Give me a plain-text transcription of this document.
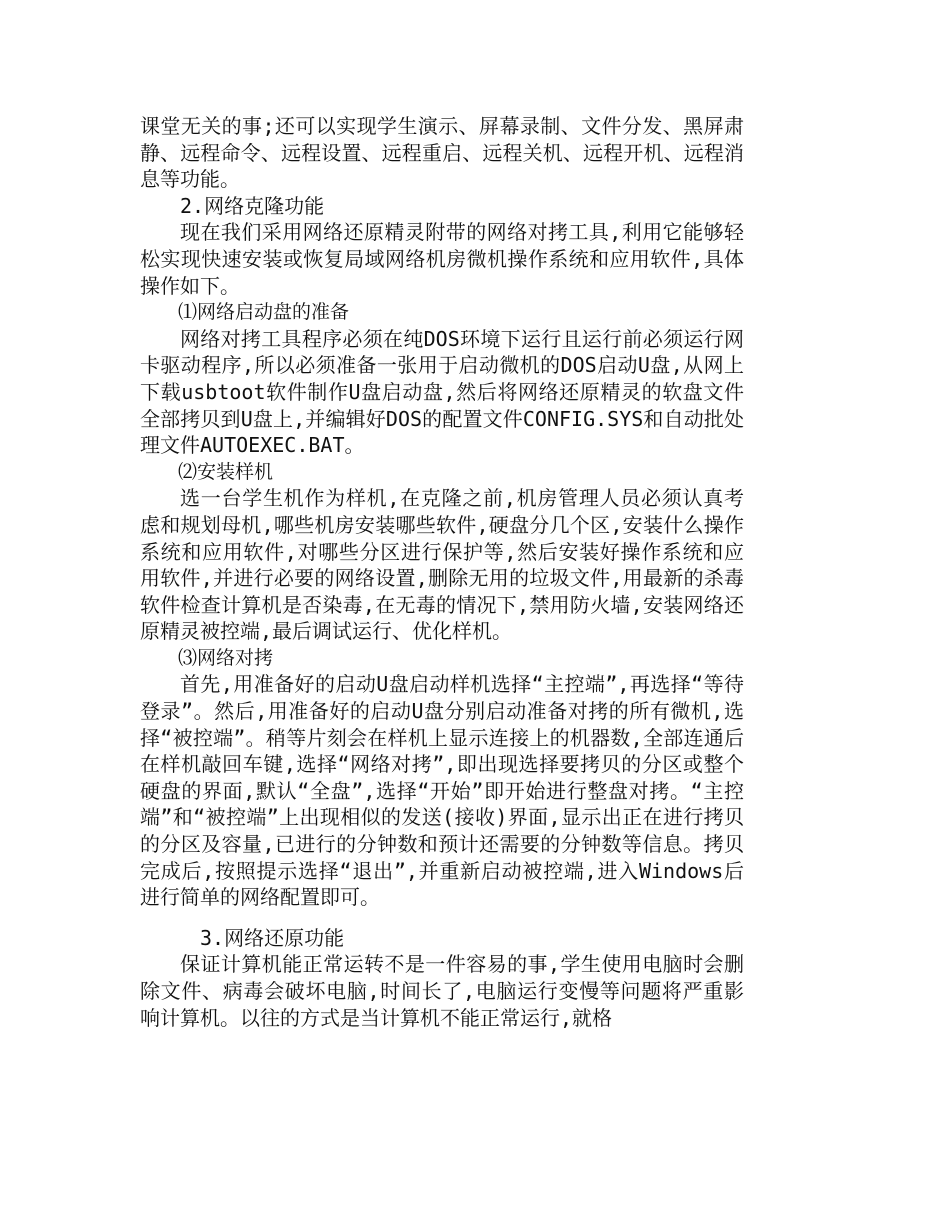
课堂无关的事;还可以实现学生演示、屏幕录制、文件分发、黑屏肃静、远程命令、远程设置、远程重启、远程关机、远程开机、远程消息等功能。

2.网络克隆功能

现在我们采用网络还原精灵附带的网络对拷工具,利用它能够轻松实现快速安装或恢复局域网络机房微机操作系统和应用软件,具体操作如下。

⑴网络启动盘的准备

网络对拷工具程序必须在纯DOS环境下运行且运行前必须运行网卡驱动程序,所以必须准备一张用于启动微机的DOS启动U盘,从网上下载usbtoot软件制作U盘启动盘,然后将网络还原精灵的软盘文件全部拷贝到U盘上,并编辑好DOS的配置文件CONFIG.SYS和自动批处理文件AUTOEXEC.BAT。

⑵安装样机

选一台学生机作为样机,在克隆之前,机房管理人员必须认真考虑和规划母机,哪些机房安装哪些软件,硬盘分几个区,安装什么操作系统和应用软件,对哪些分区进行保护等,然后安装好操作系统和应用软件,并进行必要的网络设置,删除无用的垃圾文件,用最新的杀毒软件检查计算机是否染毒,在无毒的情况下,禁用防火墙,安装网络还原精灵被控端,最后调试运行、优化样机。

⑶网络对拷

首先,用准备好的启动U盘启动样机选择“主控端”,再选择“等待登录”。然后,用准备好的启动U盘分别启动准备对拷的所有微机,选择“被控端”。稍等片刻会在样机上显示连接上的机器数,全部连通后在样机敲回车键,选择“网络对拷”,即出现选择要拷贝的分区或整个硬盘的界面,默认“全盘”,选择“开始”即开始进行整盘对拷。“主控端”和“被控端”上出现相似的发送(接收)界面,显示出正在进行拷贝的分区及容量,已进行的分钟数和预计还需要的分钟数等信息。拷贝完成后,按照提示选择“退出”,并重新启动被控端,进入Windows后进行简单的网络配置即可。

3.网络还原功能

保证计算机能正常运转不是一件容易的事,学生使用电脑时会删除文件、病毒会破坏电脑,时间长了,电脑运行变慢等问题将严重影响计算机。以往的方式是当计算机不能正常运行,就格
